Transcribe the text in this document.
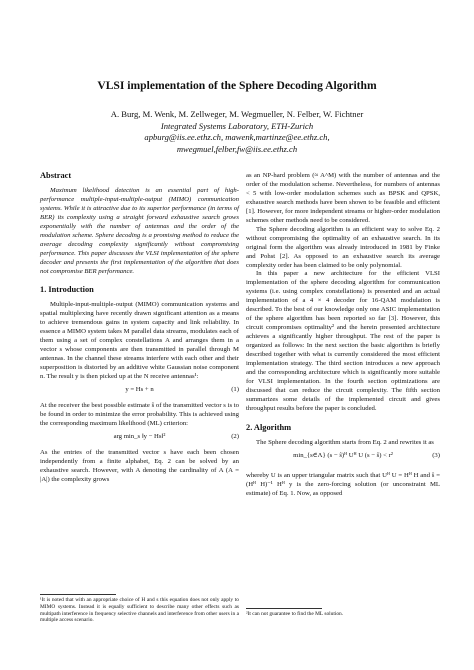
VLSI implementation of the Sphere Decoding Algorithm
A. Burg, M. Wenk, M. Zellweger, M. Wegmueller, N. Felber, W. Fichtner
Integrated Systems Laboratory, ETH-Zurich
apburg@iis.ee.ethz.ch, mawenk,martinze@ee.ethz.ch,
mwegmuel,felber,fw@iis.ee.ethz.ch
Abstract

Maximum likelihood detection is an essential part of high-performance multiple-input-multiple-output (MIMO) communication systems. While it is attractive due to its superior performance (in terms of BER) its complexity using a straight forward exhaustive search grows exponentially with the number of antennas and the order of the modulation scheme. Sphere decoding is a promising method to reduce the average decoding complexity significantly without compromising performance. This paper discusses the VLSI implementation of the sphere decoder and presents the first implementation of the algorithm that does not compromise BER performance.

1. Introduction

Multiple-input-multiple-output (MIMO) communication systems and spatial multiplexing have recently drawn significant attention as a means to achieve tremendous gains in system capacity and link reliability. In essence a MIMO system takes M parallel data streams, modulates each of them using a set of complex constellations A and arranges them in a vector s whose components are then transmitted in parallel through M antennas. In the channel these streams interfere with each other and their superposition is distorted by an additive white Gaussian noise component n. The result y is then picked up at the N receive antennas¹:

y = Hs + n	(1)

At the receiver the best possible estimate ŝ of the transmitted vector s is to be found in order to minimize the error probability. This is achieved using the corresponding maximum likelihood (ML) criterion:

arg min_s ‖y − Hs‖²	(2)

As the entries of the transmitted vector s have each been chosen independently from a finite alphabet, Eq. 2 can be solved by an exhaustive search. However, with A denoting the cardinality of A (A = |A|) the complexity grows

as an NP-hard problem (≈ A^M) with the number of antennas and the order of the modulation scheme. Nevertheless, for numbers of antennas < 5 with low-order modulation schemes such as BPSK and QPSK, exhaustive search methods have been shown to be feasible and efficient [1]. However, for more independent streams or higher-order modulation schemes other methods need to be considered.

The Sphere decoding algorithm is an efficient way to solve Eq. 2 without compromising the optimality of an exhaustive search. In its original form the algorithm was already introduced in 1981 by Finke and Pohst [2]. As opposed to an exhaustive search its average complexity order has been claimed to be only polynomial.

In this paper a new architecture for the efficient VLSI implementation of the sphere decoding algorithm for communication systems (i.e. using complex constellations) is presented and an actual implementation of a 4 × 4 decoder for 16-QAM modulation is described. To the best of our knowledge only one ASIC implementation of the sphere algorithm has been reported so far [3]. However, this circuit compromises optimality² and the herein presented architecture achieves a significantly higher throughput. The rest of the paper is organized as follows: In the next section the basic algorithm is briefly described together with what is currently considered the most efficient implementation strategy. The third section introduces a new approach and the corresponding architecture which is significantly more suitable for VLSI implementation. In the fourth section optimizations are discussed that can reduce the circuit complexity. The fifth section summarizes some details of the implemented circuit and gives throughput results before the paper is concluded.

2. Algorithm

The Sphere decoding algorithm starts from Eq. 2 and rewrites it as

min_{s∈Λ} (s − ŝ)ᴴ Uᴴ U (s − ŝ) < r²	(3)

whereby U is an upper triangular matrix such that Uᴴ U = Hᴴ H and ŝ = (Hᴴ H)⁻¹ Hᴴ y is the zero-forcing solution (or unconstraint ML estimate) of Eq. 1. Now, as opposed

¹It is noted that with an appropriate choice of H and s this equation does not only apply to MIMO systems. Instead it is equally sufficient to describe many other effects such as multipath interference in frequency selective channels and interference from other users in a multiple access scenario.
²It can not guarantee to find the ML solution.
